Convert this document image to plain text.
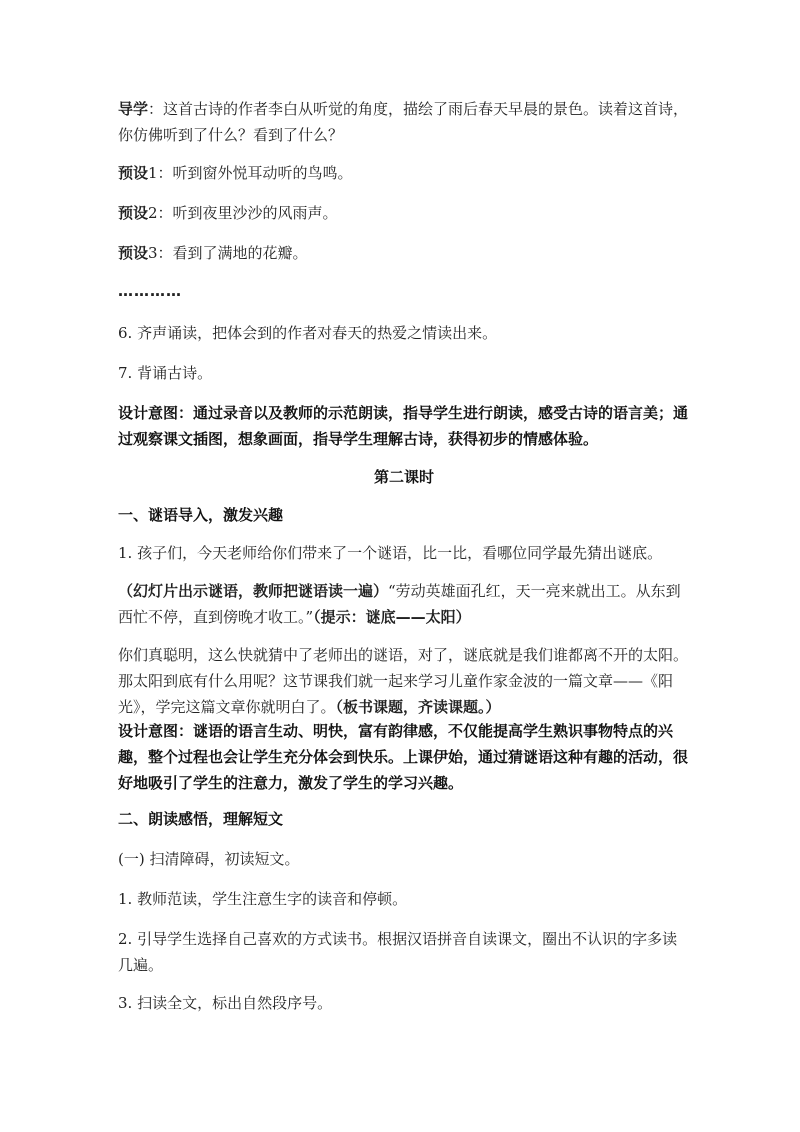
导学：这首古诗的作者李白从听觉的角度，描绘了雨后春天早晨的景色。读着这首诗，你仿佛听到了什么？看到了什么？
预设1：听到窗外悦耳动听的鸟鸣。
预设2：听到夜里沙沙的风雨声。
预设3：看到了满地的花瓣。
…………
6. 齐声诵读，把体会到的作者对春天的热爱之情读出来。
7. 背诵古诗。
设计意图：通过录音以及教师的示范朗读，指导学生进行朗读，感受古诗的语言美；通过观察课文插图，想象画面，指导学生理解古诗，获得初步的情感体验。
第二课时
一、谜语导入，激发兴趣
1. 孩子们，今天老师给你们带来了一个谜语，比一比，看哪位同学最先猜出谜底。
（幻灯片出示谜语，教师把谜语读一遍）“劳动英雄面孔红，天一亮来就出工。从东到西忙不停，直到傍晚才收工。”（提示：谜底——太阳）
你们真聪明，这么快就猜中了老师出的谜语，对了，谜底就是我们谁都离不开的太阳。那太阳到底有什么用呢？这节课我们就一起来学习儿童作家金波的一篇文章——《阳光》，学完这篇文章你就明白了。（板书课题，齐读课题。）
设计意图：谜语的语言生动、明快，富有韵律感，不仅能提高学生熟识事物特点的兴趣，整个过程也会让学生充分体会到快乐。上课伊始，通过猜谜语这种有趣的活动，很好地吸引了学生的注意力，激发了学生的学习兴趣。
二、朗读感悟，理解短文
(一) 扫清障碍，初读短文。
1. 教师范读，学生注意生字的读音和停顿。
2. 引导学生选择自己喜欢的方式读书。根据汉语拼音自读课文，圈出不认识的字多读几遍。
3. 扫读全文，标出自然段序号。
